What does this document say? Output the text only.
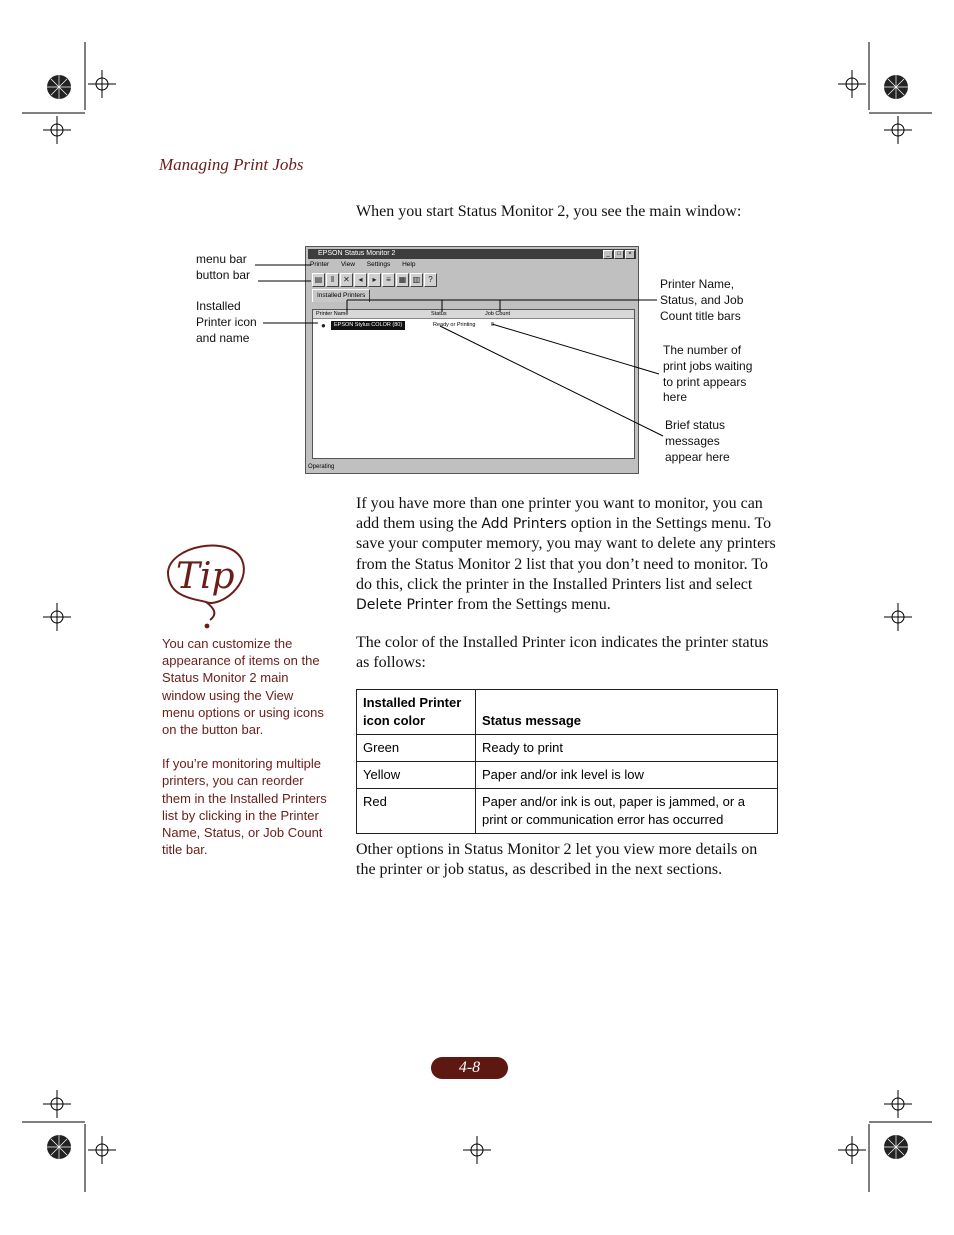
Managing Print Jobs
When you start Status Monitor 2, you see the main window:
menu bar
button bar
Installed
Printer icon
and name
Printer Name,
Status, and Job
Count title bars
The number of
print jobs waiting
to print appears
here
Brief status
messages
appear here
EPSON Status Monitor 2	_ □ ×
Printer View Settings Help
▤ ‖ ✕ ◂ ▸ ≡ ▦ ▥ ?
Installed Printers
Printer Name	Status	Job Count
●	EPSON Stylus COLOR (80)	Ready or Printing	0
Operating
If you have more than one printer you want to monitor, you can add them using the Add Printers option in the Settings menu. To save your computer memory, you may want to delete any printers from the Status Monitor 2 list that you don’t need to monitor. To do this, click the printer in the Installed Printers list and select Delete Printer from the Settings menu.
The color of the Installed Printer icon indicates the printer status as follows:
Installed Printer icon color	Status message
Green	Ready to print
Yellow	Paper and/or ink level is low
Red	Paper and/or ink is out, paper is jammed, or a print or communication error has occurred
Other options in Status Monitor 2 let you view more details on the printer or job status, as described in the next sections.
Tip
You can customize the appearance of items on the Status Monitor 2 main window using the View menu options or using icons on the button bar.
If you’re monitoring multiple printers, you can reorder them in the Installed Printers list by clicking in the Printer Name, Status, or Job Count title bar.
4-8
